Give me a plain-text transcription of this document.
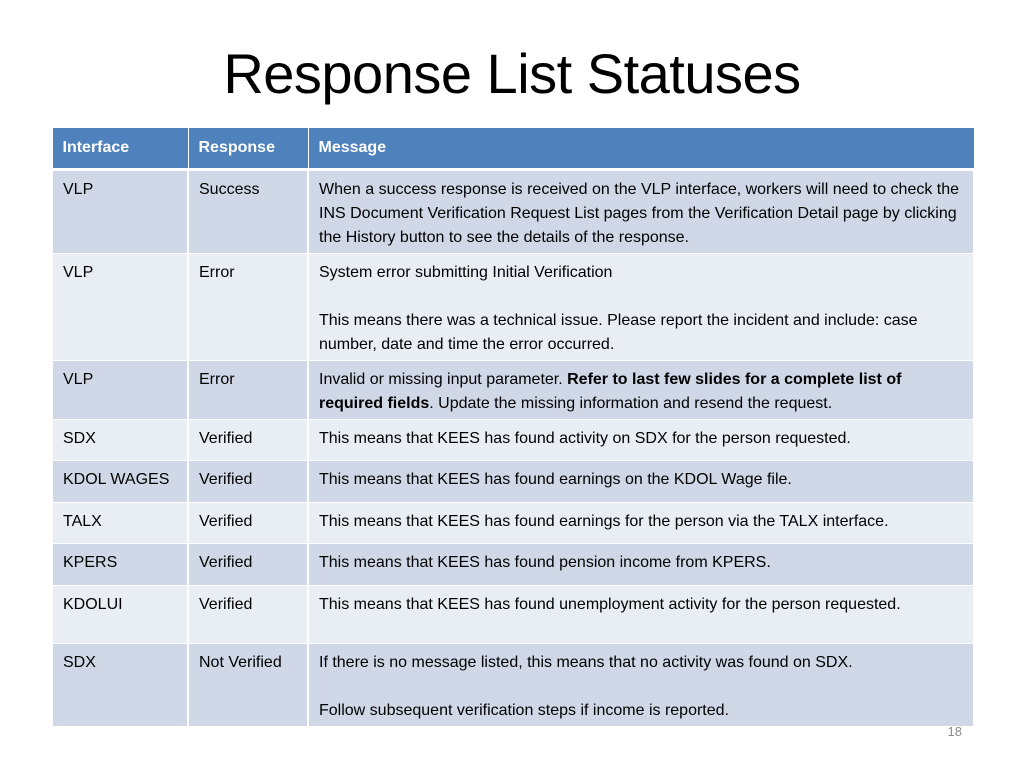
Response List Statuses
Interface	Response	Message
VLP	Success	When a success response is received on the VLP interface, workers will need to check the INS Document Verification Request List pages from the Verification Detail page by clicking the History button to see the details of the response.
VLP	Error	System error submitting Initial Verification
This means there was a technical issue. Please report the incident and include: case number, date and time the error occurred.

VLP	Error	Invalid or missing input parameter. Refer to last few slides for a complete list of required fields. Update the missing information and resend the request.
SDX	Verified	This means that KEES has found activity on SDX for the person requested.
KDOL WAGES	Verified	This means that KEES has found earnings on the KDOL Wage file.
TALX	Verified	This means that KEES has found earnings for the person via the TALX interface.
KPERS	Verified	This means that KEES has found pension income from KPERS.
KDOLUI	Verified	This means that KEES has found unemployment activity for the person requested.
SDX	Not Verified	If there is no message listed, this means that no activity was found on SDX.
Follow subsequent verification steps if income is reported.
18
